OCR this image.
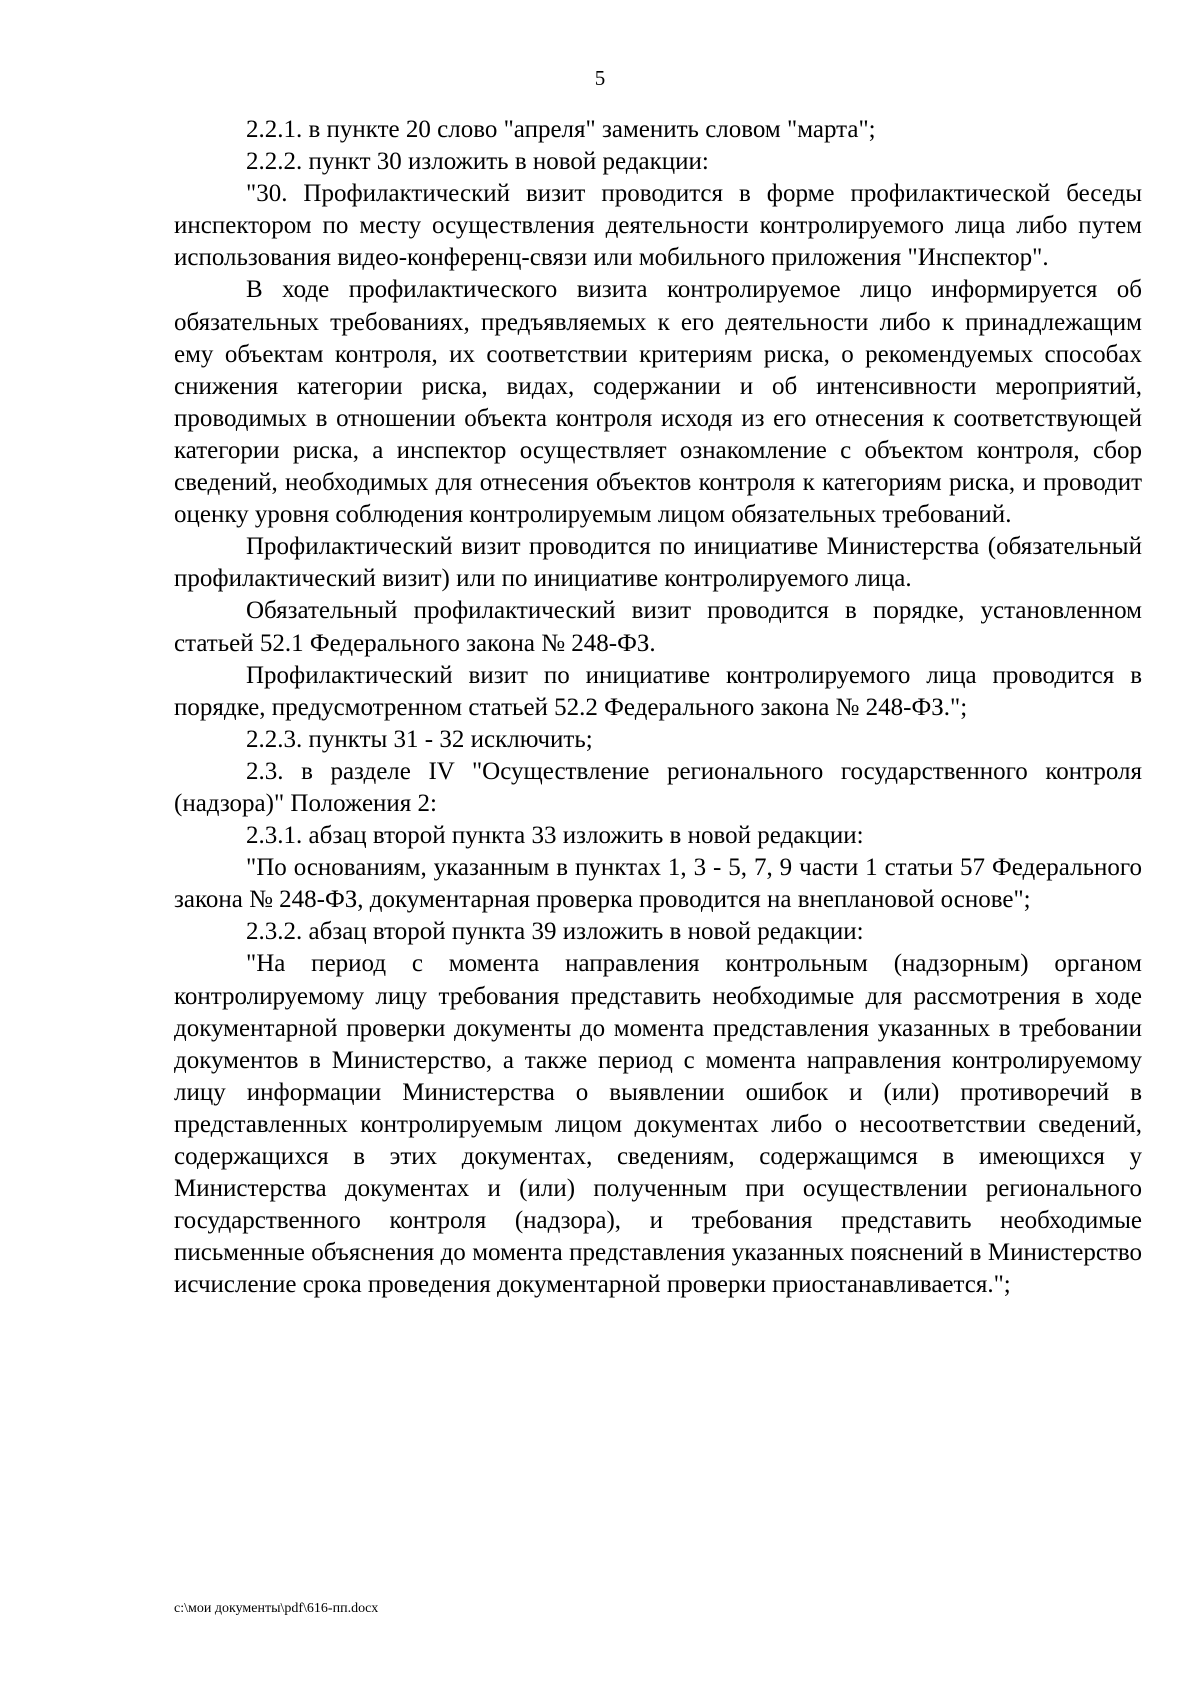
5

2.2.1. в пункте 20 слово "апреля" заменить словом "марта";

2.2.2. пункт 30 изложить в новой редакции:

"30. Профилактический визит проводится в форме профилактической беседы инспектором по месту осуществления деятельности контролируемого лица либо путем использования видео-конференц-связи или мобильного приложения "Инспектор".

В ходе профилактического визита контролируемое лицо информируется об обязательных требованиях, предъявляемых к его деятельности либо к принадлежащим ему объектам контроля, их соответствии критериям риска, о рекомендуемых способах снижения категории риска, видах, содержании и об интенсивности мероприятий, проводимых в отношении объекта контроля исходя из его отнесения к соответствующей категории риска, а инспектор осуществляет ознакомление с объектом контроля, сбор сведений, необходимых для отнесения объектов контроля к категориям риска, и проводит оценку уровня соблюдения контролируемым лицом обязательных требований.

Профилактический визит проводится по инициативе Министерства (обязательный профилактический визит) или по инициативе контролируемого лица.

Обязательный профилактический визит проводится в порядке, установленном статьей 52.1 Федерального закона № 248-ФЗ.

Профилактический визит по инициативе контролируемого лица проводится в порядке, предусмотренном статьей 52.2 Федерального закона № 248-ФЗ.";

2.2.3. пункты 31 - 32 исключить;

2.3. в разделе IV "Осуществление регионального государственного контроля (надзора)" Положения 2:

2.3.1. абзац второй пункта 33 изложить в новой редакции:

"По основаниям, указанным в пунктах 1, 3 - 5, 7, 9 части 1 статьи 57 Федерального закона № 248-ФЗ, документарная проверка проводится на внеплановой основе";

2.3.2. абзац второй пункта 39 изложить в новой редакции:

"На период с момента направления контрольным (надзорным) органом контролируемому лицу требования представить необходимые для рассмотрения в ходе документарной проверки документы до момента представления указанных в требовании документов в Министерство, а также период с момента направления контролируемому лицу информации Министерства о выявлении ошибок и (или) противоречий в представленных контролируемым лицом документах либо о несоответствии сведений, содержащихся в этих документах, сведениям, содержащимся в имеющихся у Министерства документах и (или) полученным при осуществлении регионального государственного контроля (надзора), и требования представить необходимые письменные объяснения до момента представления указанных пояснений в Министерство исчисление срока проведения документарной проверки приостанавливается.";

c:\мои документы\pdf\616-пп.docx
